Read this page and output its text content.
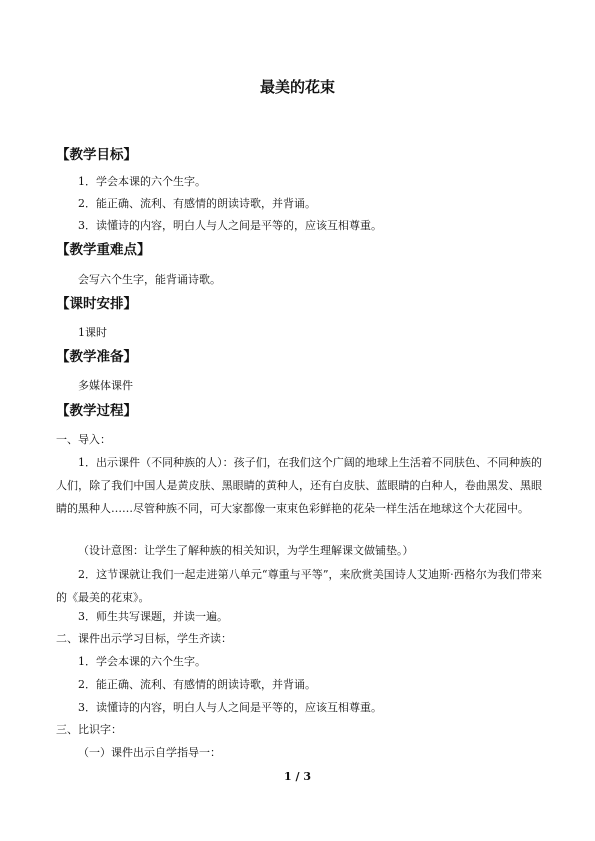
最美的花束
【教学目标】
1．学会本课的六个生字。
2．能正确、流利、有感情的朗读诗歌，并背诵。
3．读懂诗的内容，明白人与人之间是平等的，应该互相尊重。
【教学重难点】
会写六个生字，能背诵诗歌。
【课时安排】
1课时
【教学准备】
多媒体课件
【教学过程】
一、导入：
1．出示课件（不同种族的人）：孩子们，在我们这个广阔的地球上生活着不同肤色、不同种族的人们，除了我们中国人是黄皮肤、黑眼睛的黄种人，还有白皮肤、蓝眼睛的白种人，卷曲黑发、黑眼睛的黑种人……尽管种族不同，可大家都像一束束色彩鲜艳的花朵一样生活在地球这个大花园中。
（设计意图：让学生了解种族的相关知识，为学生理解课文做铺垫。）
2．这节课就让我们一起走进第八单元“尊重与平等”，来欣赏美国诗人艾迪斯·西格尔为我们带来的《最美的花束》。
3．师生共写课题，并读一遍。
二、课件出示学习目标，学生齐读：
1．学会本课的六个生字。
2．能正确、流利、有感情的朗读诗歌，并背诵。
3．读懂诗的内容，明白人与人之间是平等的，应该互相尊重。
三、比识字：
（一）课件出示自学指导一：
1 / 3
